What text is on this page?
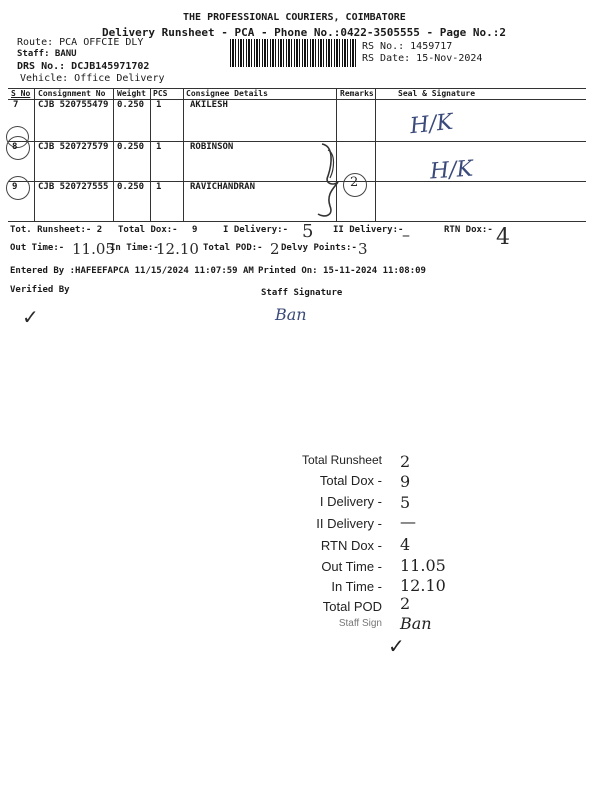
THE PROFESSIONAL COURIERS, COIMBATORE
Delivery Runsheet - PCA - Phone No.:0422-3505555 - Page No.:2
Route: PCA OFFCIE DLY
Staff: BANU
DRS No.: DCJB145971702
Vehicle: Office Delivery
RS No.: 1459717
RS Date: 15-Nov-2024
S No Consignment No Weight PCS Consignee Details	Remarks	Seal & Signature
7 CJB 520755479 0.250 1	AKILESH
H/K
8 CJB 520727579 0.250 1	ROBINSON
H/K
9 CJB 520727555 0.250 1	RAVICHANDRAN	2
Tot. Runsheet:- 2 Total Dox:- 9	I Delivery:- 5 II Delivery:-
–	RTN Dox:- 4
Out Time:- 11.05
In Time:-
12.10 Total POD:- 2 Delvy Points:- 3
Entered By :HAFEEFAPCA 11/15/2024 11:07:59 AM Printed On: 15-11-2024 11:08:09
Verified By	Staff Signature
✓	Ban
Total Runsheet 2
Total Dox - 9
I Delivery - 5
II Delivery - —
RTN Dox - 4
Out Time - 11.05
In Time - 12.10
Total POD 2
Staff Sign Ban
✓
